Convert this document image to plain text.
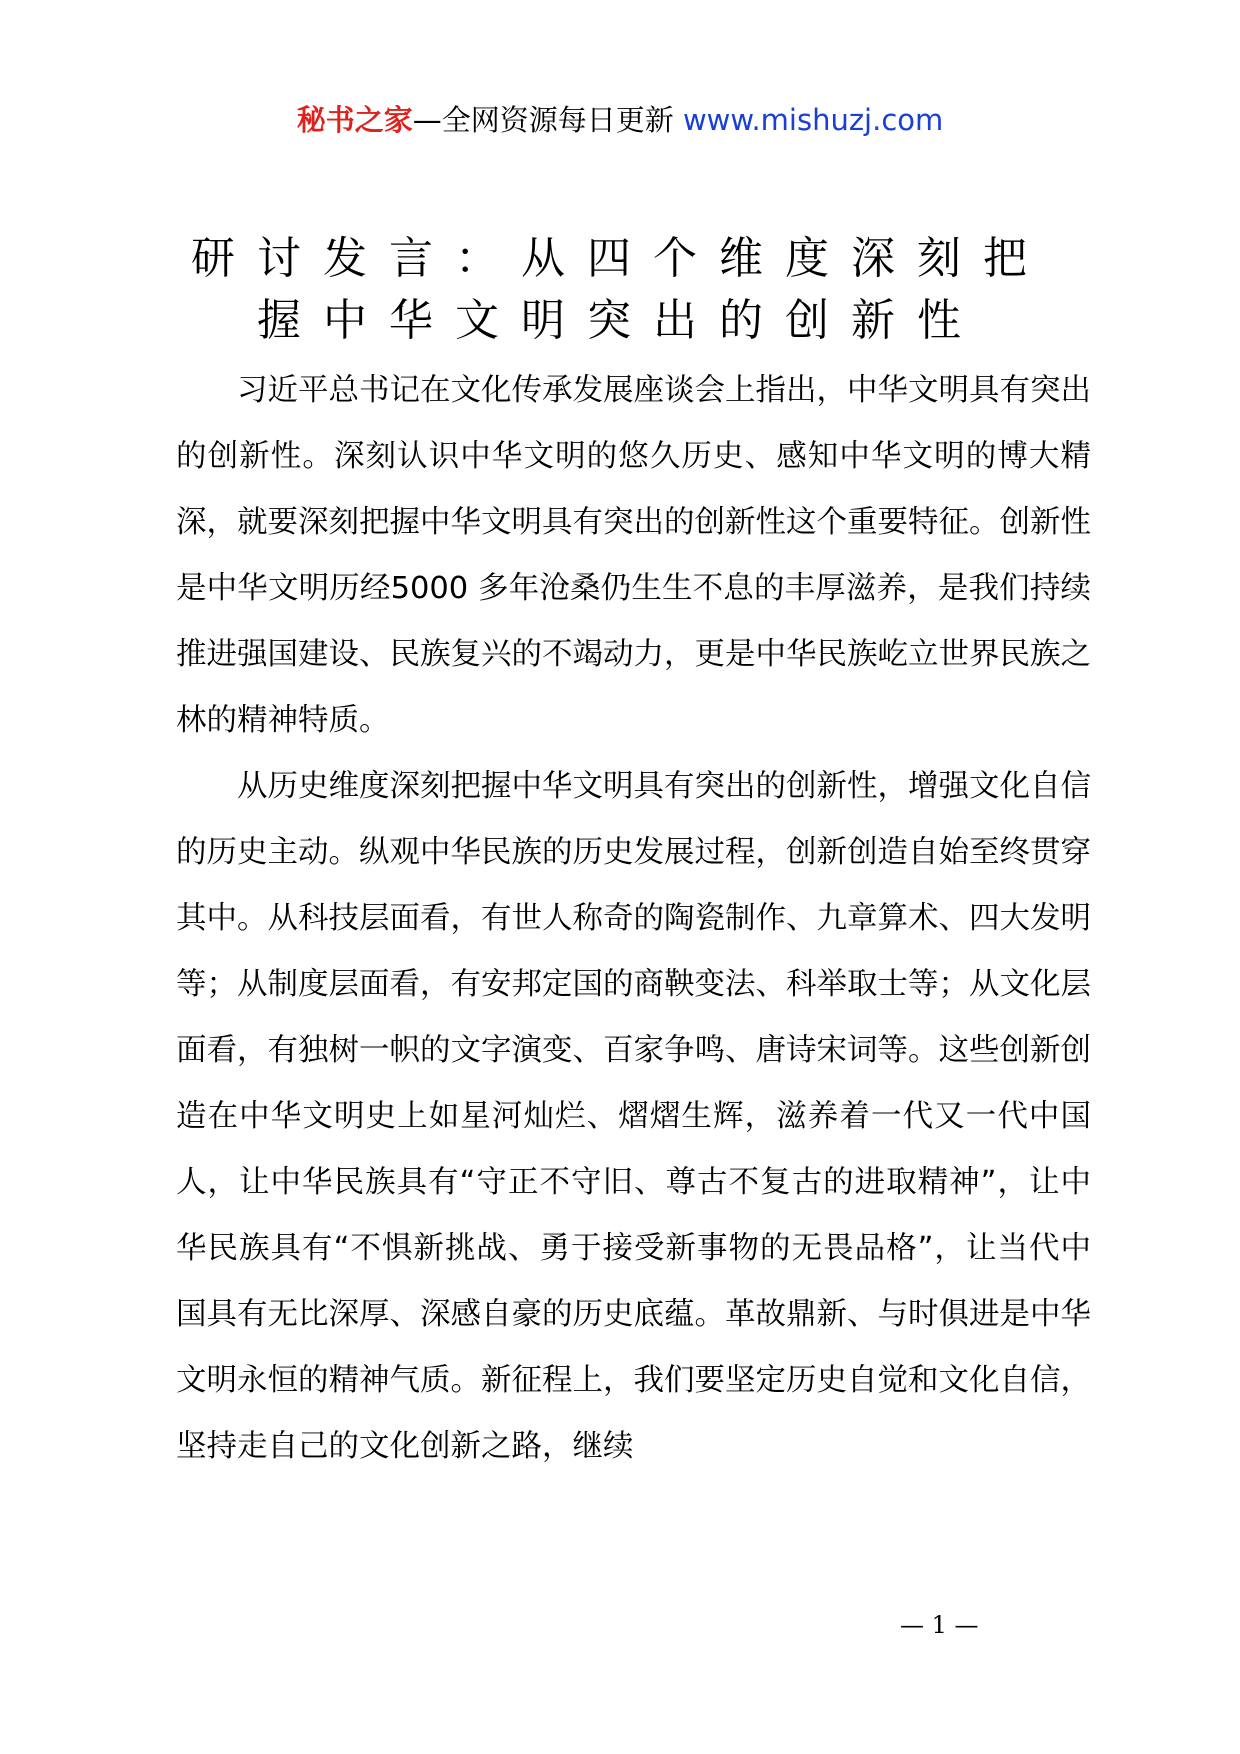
秘书之家—全网资源每日更新 www.mishuzj.com
研讨发言：从四个维度深刻把
握中华文明突出的创新性

习近平总书记在文化传承发展座谈会上指出，中华文明具有突出的创新性。深刻认识中华文明的悠久历史、感知中华文明的博大精深，就要深刻把握中华文明具有突出的创新性这个重要特征。创新性是中华文明历经5000 多年沧桑仍生生不息的丰厚滋养，是我们持续推进强国建设、民族复兴的不竭动力，更是中华民族屹立世界民族之林的精神特质。

从历史维度深刻把握中华文明具有突出的创新性，增强文化自信的历史主动。纵观中华民族的历史发展过程，创新创造自始至终贯穿其中。从科技层面看，有世人称奇的陶瓷制作、九章算术、四大发明等；从制度层面看，有安邦定国的商鞅变法、科举取士等；从文化层面看，有独树一帜的文字演变、百家争鸣、唐诗宋词等。这些创新创造在中华文明史上如星河灿烂、熠熠生辉，滋养着一代又一代中国人，让中华民族具有“守正不守旧、尊古不复古的进取精神”，让中华民族具有“不惧新挑战、勇于接受新事物的无畏品格”，让当代中国具有无比深厚、深感自豪的历史底蕴。革故鼎新、与时俱进是中华文明永恒的精神气质。新征程上，我们要坚定历史自觉和文化自信，坚持走自己的文化创新之路，继续

— 1 —
